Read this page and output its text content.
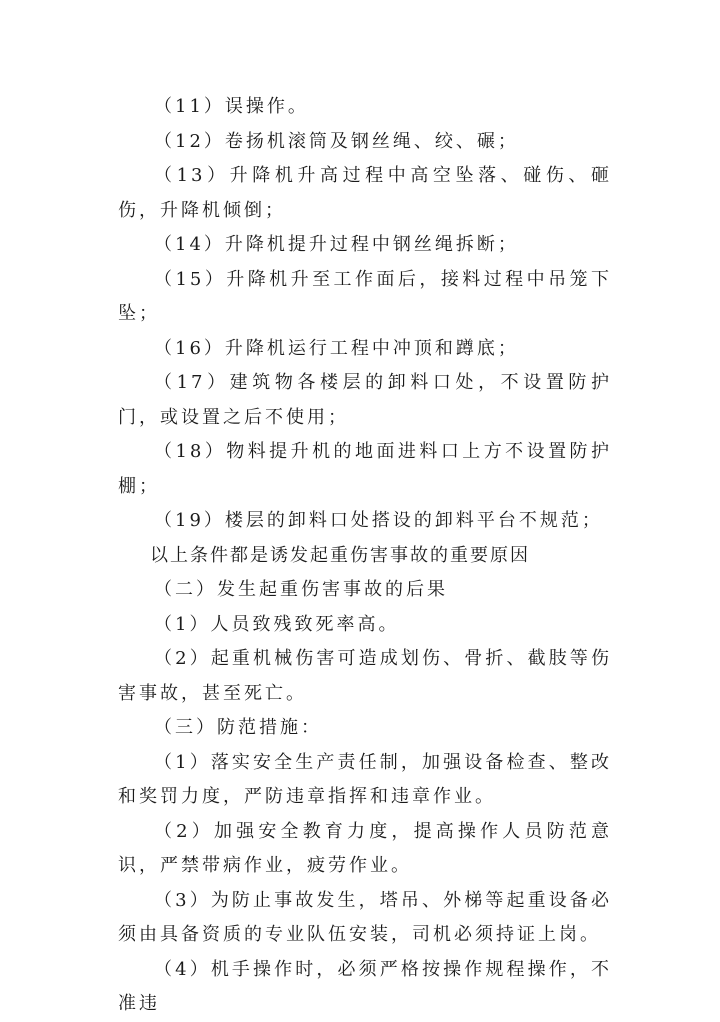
（11）误操作。

（12）卷扬机滚筒及钢丝绳、绞、碾；

（13）升降机升高过程中高空坠落、碰伤、砸伤，升降机倾倒；

（14）升降机提升过程中钢丝绳拆断；

（15）升降机升至工作面后，接料过程中吊笼下坠；

（16）升降机运行工程中冲顶和蹲底；

（17）建筑物各楼层的卸料口处，不设置防护门，或设置之后不使用；

（18）物料提升机的地面进料口上方不设置防护棚；

（19）楼层的卸料口处搭设的卸料平台不规范；

以上条件都是诱发起重伤害事故的重要原因

（二）发生起重伤害事故的后果

（1）人员致残致死率高。

（2）起重机械伤害可造成划伤、骨折、截肢等伤害事故，甚至死亡。

（三）防范措施：

（1）落实安全生产责任制，加强设备检查、整改和奖罚力度，严防违章指挥和违章作业。

（2）加强安全教育力度，提高操作人员防范意识，严禁带病作业，疲劳作业。

（3）为防止事故发生，塔吊、外梯等起重设备必须由具备资质的专业队伍安装，司机必须持证上岗。

（4）机手操作时，必须严格按操作规程操作，不准违
